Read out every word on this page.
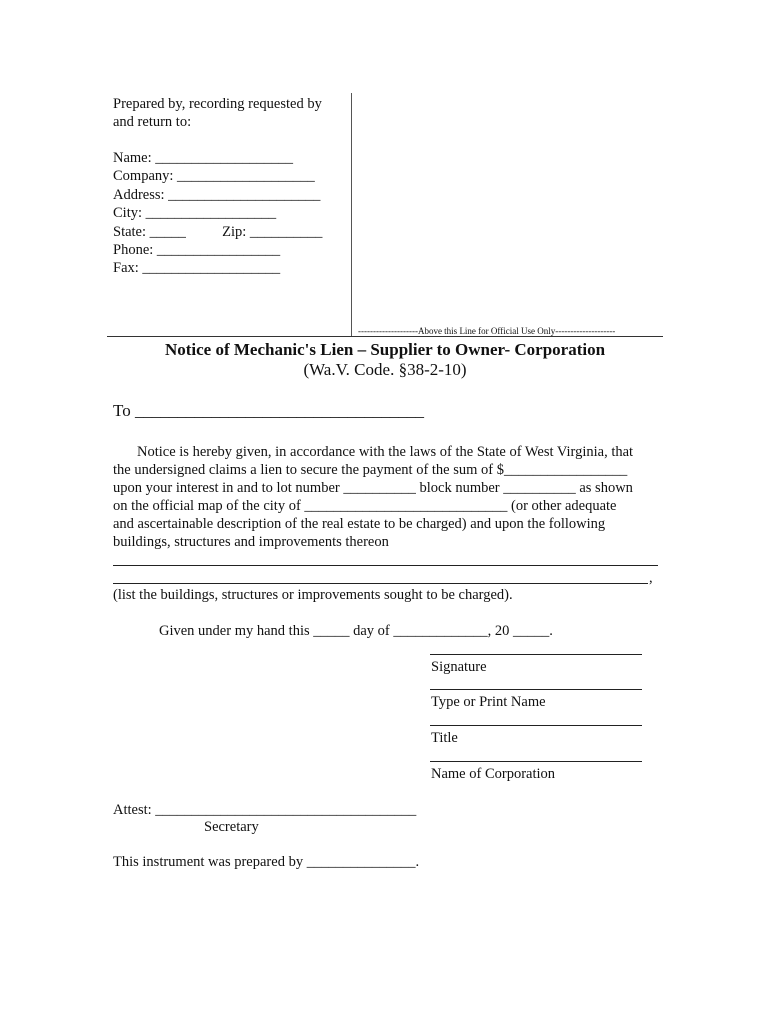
Prepared by, recording requested by
and return to:
Name: ___________________
Company: ___________________
Address: _____________________
City: __________________
State: _____          Zip: __________
Phone: _________________
Fax: ___________________
--------------------Above this Line for Official Use Only--------------------
Notice of Mechanic's Lien – Supplier to Owner- Corporation
(Wa.V. Code. §38-2-10)
To __________________________________
Notice is hereby given, in accordance with the laws of the State of West Virginia, that
the undersigned claims a lien to secure the payment of the sum of $_________________
upon your interest in and to lot number __________ block number __________ as shown
on the official map of the city of ____________________________ (or other adequate
and ascertainable description of the real estate to be charged) and upon the following
buildings, structures and improvements thereon
,
(list the buildings, structures or improvements sought to be charged).
Given under my hand this _____ day of _____________, 20 _____.
Signature
Type or Print Name
Title
Name of Corporation
Attest: ____________________________________
Secretary
This instrument was prepared by _______________.
